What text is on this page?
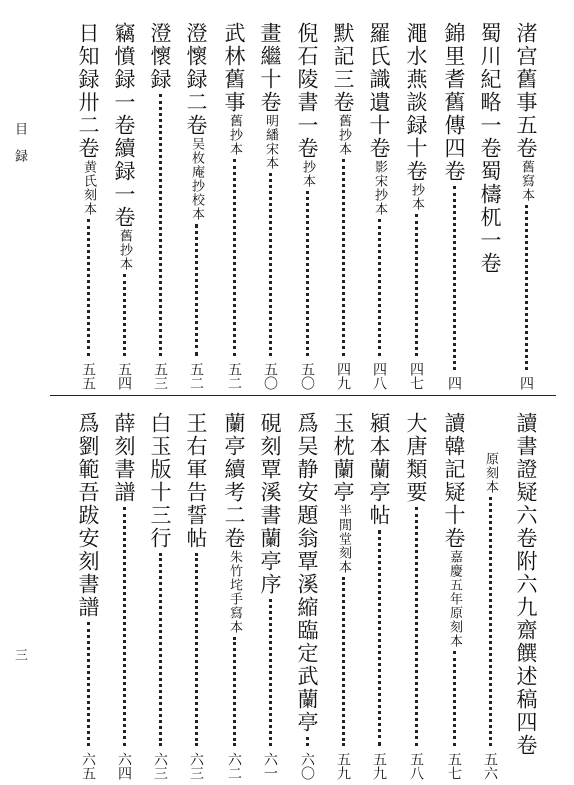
目録
三
渚宫舊事五卷
舊寫本
四
蜀川紀略一卷蜀檮杌一卷
錦里耆舊傳四卷
四
澠水燕談録十卷
抄本
四七
羅氏識遺十卷
影宋抄本
四八
默記三卷
舊抄本
四九
倪石陵書一卷
抄本
五〇
畫繼十卷
明繙宋本
五〇
武林舊事
舊抄本
五二
澄懷録二卷
吴枚庵抄校本
五二
澄懷録
五三
竊憤録一卷續録一卷
舊抄本
五四
日知録卅二卷
黄氏刻本
五五
讀書證疑六卷附六九齋饌述稿四卷
原刻本
五六
讀韓記疑十卷
嘉慶五年原刻本
五七
大唐類要
五八
潁本蘭亭帖
五九
玉枕蘭亭
半閒堂刻本
五九
爲吴静安題翁覃溪縮臨定武蘭亭
六〇
硯刻覃溪書蘭亭序
六一
蘭亭續考二卷
朱竹垞手寫本
六二
王右軍告誓帖
六三
白玉版十三行
六三
薛刻書譜
六四
爲劉範吾跋安刻書譜
六五
